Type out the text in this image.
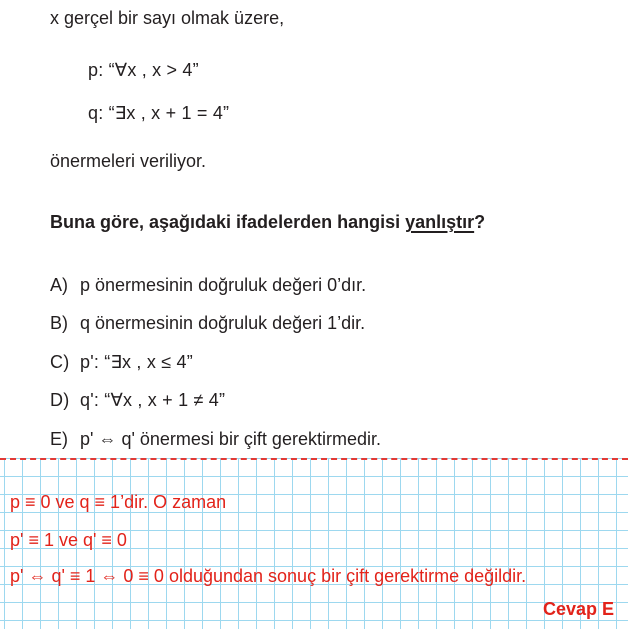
x gerçel bir sayı olmak üzere,
p: “∀x , x > 4”
q: “∃x , x + 1 = 4”
önermeleri veriliyor.
Buna göre, aşağıdaki ifadelerden hangisi yanlıştır?
A) p önermesinin doğruluk değeri 0’dır.
B) q önermesinin doğruluk değeri 1’dir.
C) p': “∃x , x ≤ 4”
D) q': “∀x , x + 1 ≠ 4”
E) p' ⇔ q' önermesi bir çift gerektirmedir.
p ≡ 0 ve q ≡ 1’dir. O zaman
p' ≡ 1 ve q' ≡ 0
p' ⇔ q' ≡ 1 ⇔ 0 ≡ 0 olduğundan sonuç bir çift gerektirme değildir.
Cevap E
